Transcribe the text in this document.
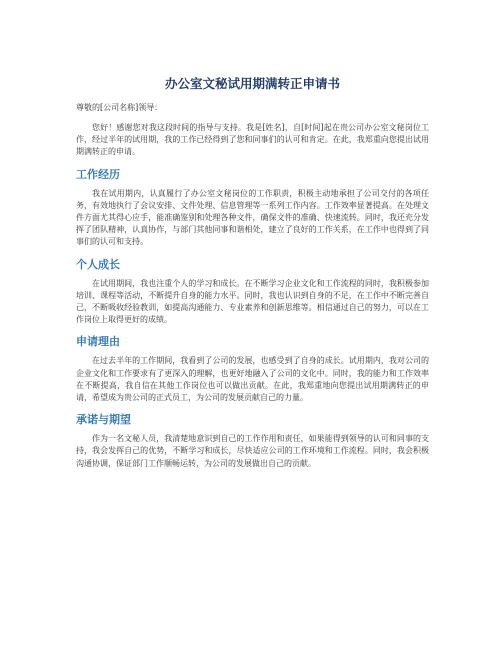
办公室文秘试用期满转正申请书

尊敬的[公司名称]领导：

您好！感谢您对我这段时间的指导与支持。我是[姓名]，自[时间]起在贵公司办公室文秘岗位工作，经过半年的试用期，我的工作已经得到了您和同事们的认可和肯定。在此，我郑重向您提出试用期满转正的申请。

工作经历

我在试用期内，认真履行了办公室文秘岗位的工作职责，积极主动地承担了公司交付的各项任务，有效地执行了会议安排、文件处理、信息管理等一系列工作内容。工作效率显著提高。在处理文件方面尤其得心应手，能准确鉴别和处理各种文件，确保文件的准确、快速流转。同时，我还充分发挥了团队精神，认真协作，与部门其他同事和谐相处，建立了良好的工作关系，在工作中也得到了同事们的认可和支持。

个人成长

在试用期间，我也注重个人的学习和成长。在不断学习企业文化和工作流程的同时，我积极参加培训、课程等活动，不断提升自身的能力水平。同时，我也认识到自身的不足，在工作中不断完善自己，不断吸收经验教训，如提高沟通能力、专业素养和创新思维等。相信通过自己的努力，可以在工作岗位上取得更好的成绩。

申请理由

在过去半年的工作期间，我看到了公司的发展，也感受到了自身的成长。试用期内，我对公司的企业文化和工作要求有了更深入的理解，也更好地融入了公司的文化中。同时，我的能力和工作效率在不断提高，我自信在其他工作岗位也可以做出贡献。在此，我郑重地向您提出试用期满转正的申请，希望成为贵公司的正式员工，为公司的发展贡献自己的力量。

承诺与期望

作为一名文秘人员，我清楚地意识到自己的工作作用和责任，如果能得到领导的认可和同事的支持，我会发挥自己的优势，不断学习和成长，尽快适应公司的工作环境和工作流程。同时，我会积极沟通协调，保证部门工作顺畅运转，为公司的发展做出自己的贡献。
